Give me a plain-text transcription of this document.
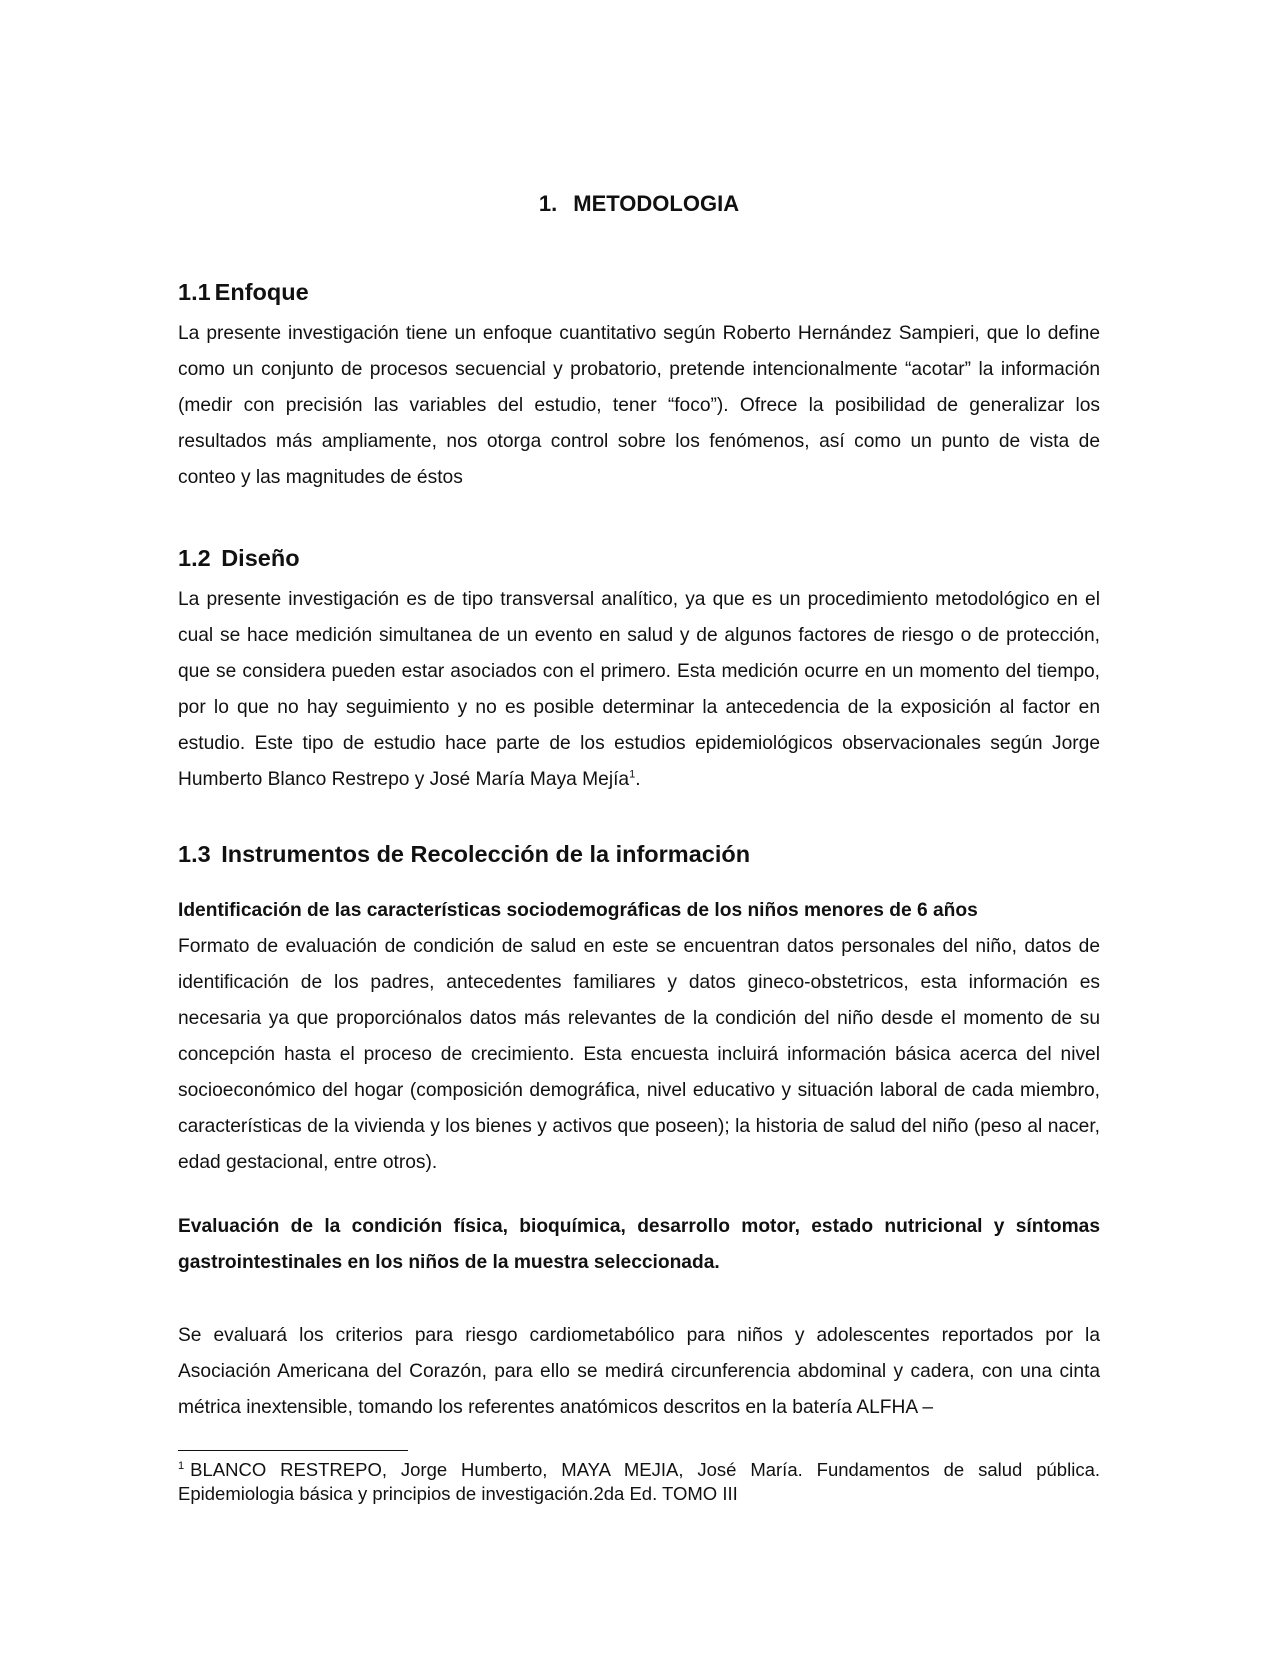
1. METODOLOGIA
1.1 Enfoque
La presente investigación tiene un enfoque cuantitativo según Roberto Hernández Sampieri, que lo define como un conjunto de procesos secuencial y probatorio, pretende intencionalmente “acotar” la información (medir con precisión las variables del estudio, tener “foco”). Ofrece la posibilidad de generalizar los resultados más ampliamente, nos otorga control sobre los fenómenos, así como un punto de vista de conteo y las magnitudes de éstos
1.2 Diseño
La presente investigación es de tipo transversal analítico, ya que es un procedimiento metodológico en el cual se hace medición simultanea de un evento en salud y de algunos factores de riesgo o de protección, que se considera pueden estar asociados con el primero. Esta medición ocurre en un momento del tiempo, por lo que no hay seguimiento y no es posible determinar la antecedencia de la exposición al factor en estudio. Este tipo de estudio hace parte de los estudios epidemiológicos observacionales según Jorge Humberto Blanco Restrepo y José María Maya Mejía$^1$.
1.3 Instrumentos de Recolección de la información
Identificación de las características sociodemográficas de los niños menores de 6 años
Formato de evaluación de condición de salud en este se encuentran datos personales del niño, datos de identificación de los padres, antecedentes familiares y datos gineco-obstetricos, esta información es necesaria ya que proporciónalos datos más relevantes de la condición del niño desde el momento de su concepción hasta el proceso de crecimiento. Esta encuesta incluirá información básica acerca del nivel socioeconómico del hogar (composición demográfica, nivel educativo y situación laboral de cada miembro, características de la vivienda y los bienes y activos que poseen); la historia de salud del niño (peso al nacer, edad gestacional, entre otros).
Evaluación de la condición física, bioquímica, desarrollo motor, estado nutricional y síntomas gastrointestinales en los niños de la muestra seleccionada.
Se evaluará los criterios para riesgo cardiometabólico para niños y adolescentes reportados por la Asociación Americana del Corazón, para ello se medirá circunferencia abdominal y cadera, con una cinta métrica inextensible, tomando los referentes anatómicos descritos en la batería ALFHA –
$^1$ BLANCO RESTREPO, Jorge Humberto, MAYA MEJIA, José María. Fundamentos de salud pública. Epidemiologia básica y principios de investigación.2da Ed. TOMO III
